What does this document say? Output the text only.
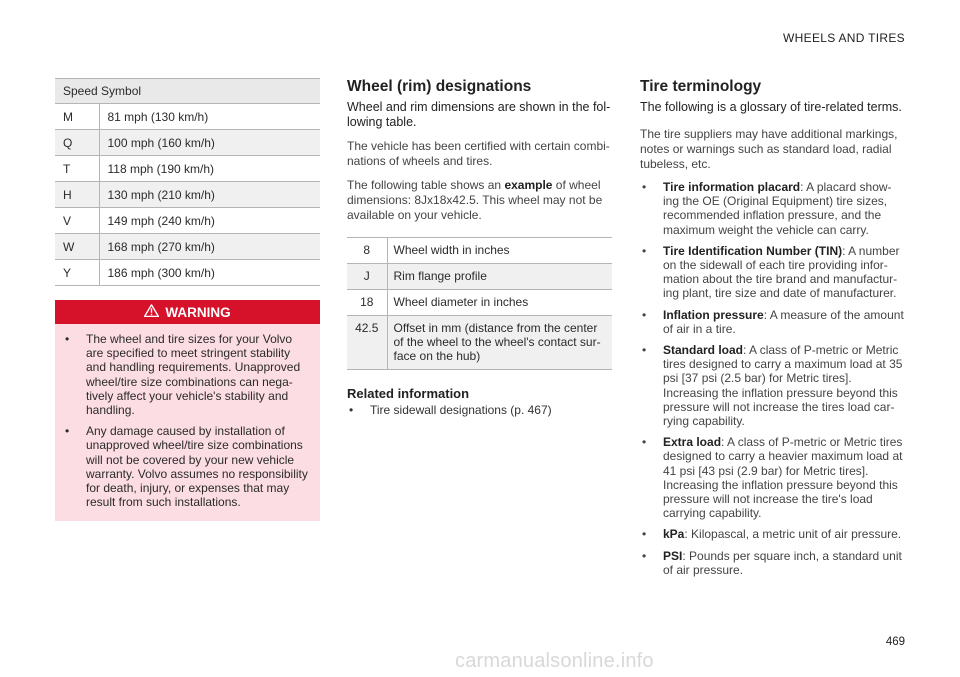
WHEELS AND TIRES
Speed Symbol	
M	81 mph (130 km/h)
Q	100 mph (160 km/h)
T	118 mph (190 km/h)
H	130 mph (210 km/h)
V	149 mph (240 km/h)
W	168 mph (270 km/h)
Y	186 mph (300 km/h)
WARNING
•	The wheel and tire sizes for your Volvo are specified to meet stringent stability and handling requirements. Unapproved wheel/tire size combinations can nega-tively affect your vehicle's stability and handling.
•	Any damage caused by installation of unapproved wheel/tire size combinations will not be covered by your new vehicle warranty. Volvo assumes no responsibility for death, injury, or expenses that may result from such installations.
Wheel (rim) designations
Wheel and rim dimensions are shown in the fol-lowing table.
The vehicle has been certified with certain combi-nations of wheels and tires.
The following table shows an example of wheel dimensions: 8Jx18x42.5. This wheel may not be available on your vehicle.
8	Wheel width in inches
J	Rim flange profile
18	Wheel diameter in inches
42.5	Offset in mm (distance from the center of the wheel to the wheel's contact sur-face on the hub)
Related information
•	Tire sidewall designations (p. 467)
Tire terminology
The following is a glossary of tire-related terms.
The tire suppliers may have additional markings, notes or warnings such as standard load, radial tubeless, etc.
•	Tire information placard: A placard show-ing the OE (Original Equipment) tire sizes, recommended inflation pressure, and the maximum weight the vehicle can carry.
•	Tire Identification Number (TIN): A number on the sidewall of each tire providing infor-mation about the tire brand and manufactur-ing plant, tire size and date of manufacturer.
•	Inflation pressure: A measure of the amount of air in a tire.
•	Standard load: A class of P-metric or Metric tires designed to carry a maximum load at 35 psi [37 psi (2.5 bar) for Metric tires]. Increasing the inflation pressure beyond this pressure will not increase the tires load car-rying capability.
•	Extra load: A class of P-metric or Metric tires designed to carry a heavier maximum load at 41 psi [43 psi (2.9 bar) for Metric tires]. Increasing the inflation pressure beyond this pressure will not increase the tire's load carrying capability.
•	kPa: Kilopascal, a metric unit of air pressure.
•	PSI: Pounds per square inch, a standard unit of air pressure.
469
carmanualsonline.info
